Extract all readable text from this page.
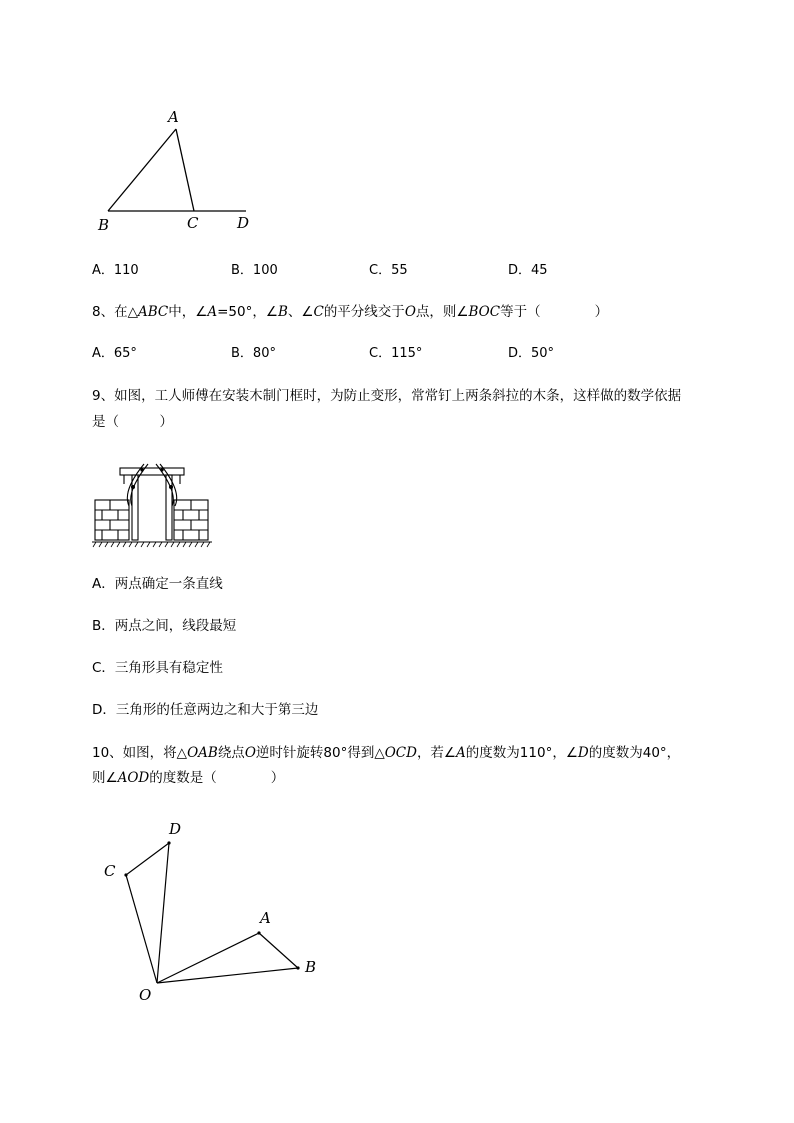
A
B	C	D
A．110	B．100	C．55	D．45
8、在△ABC中，∠A=50°，∠B、∠C的平分线交于O点，则∠BOC等于（　　　　）
A．65°	B．80°	C．115°	D．50°
9、如图，工人师傅在安装木制门框时，为防止变形，常常钉上两条斜拉的木条，这样做的数学依据
是（　　　）
A．两点确定一条直线
B．两点之间，线段最短
C．三角形具有稳定性
D．三角形的任意两边之和大于第三边
10、如图，将△OAB绕点O逆时针旋转80°得到△OCD，若∠A的度数为110°，∠D的度数为40°，
则∠AOD的度数是（　　　　）
C
D
A
B
O
